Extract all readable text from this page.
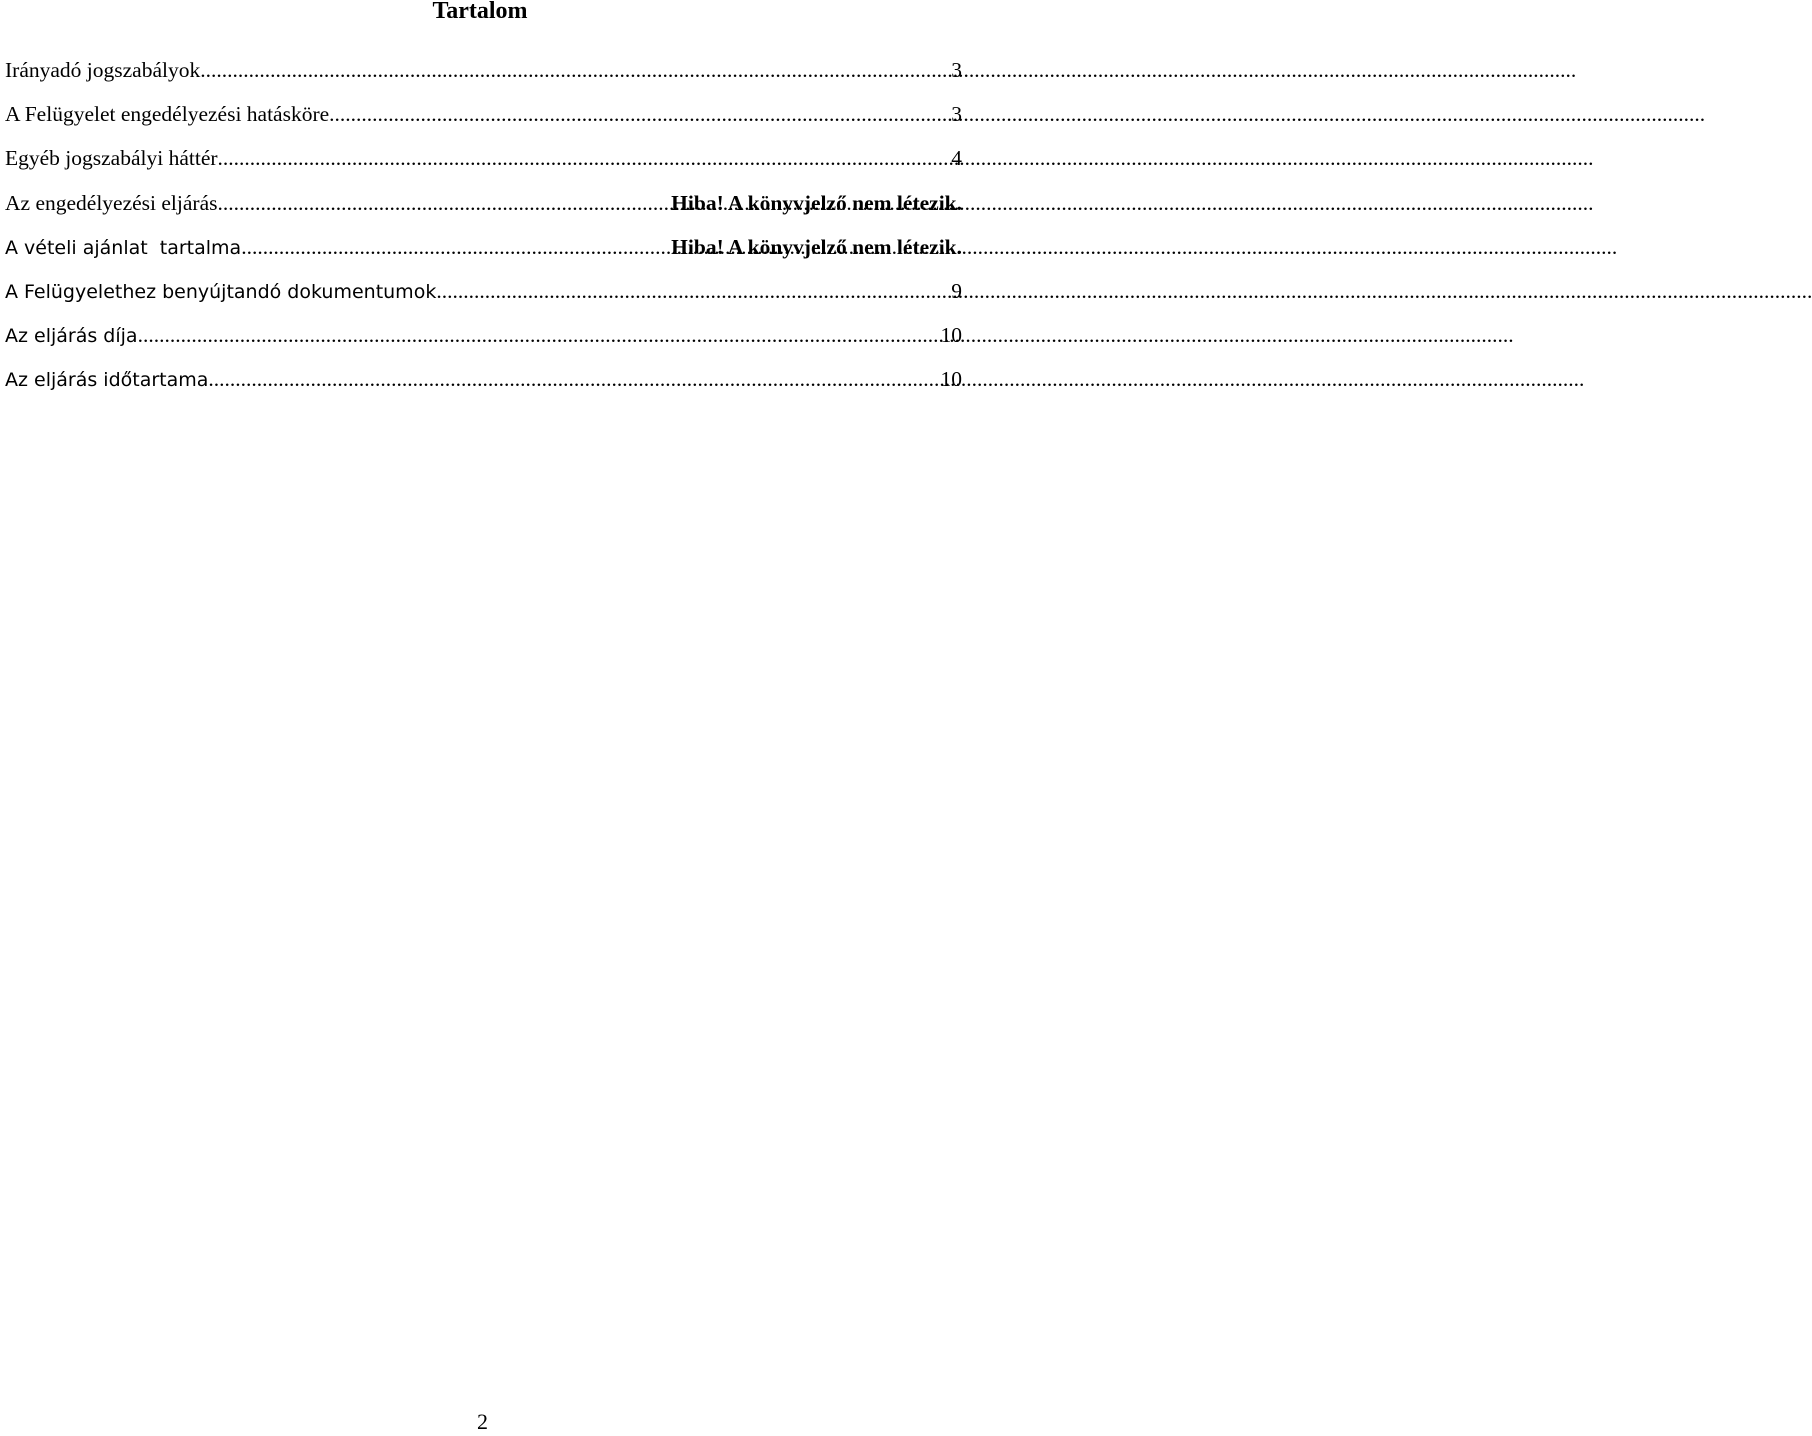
Tartalom
Irányadó jogszabályok .....	3
A Felügyelet engedélyezési hatásköre .....	3
Egyéb jogszabályi háttér .....	4
Az engedélyezési eljárás .....	Hiba! A könyvjelző nem létezik.
A vételi ajánlat  tartalma .....	Hiba! A könyvjelző nem létezik.
A Felügyelethez benyújtandó dokumentumok .....	9
Az eljárás díja .....	10
Az eljárás időtartama .....	10
2
